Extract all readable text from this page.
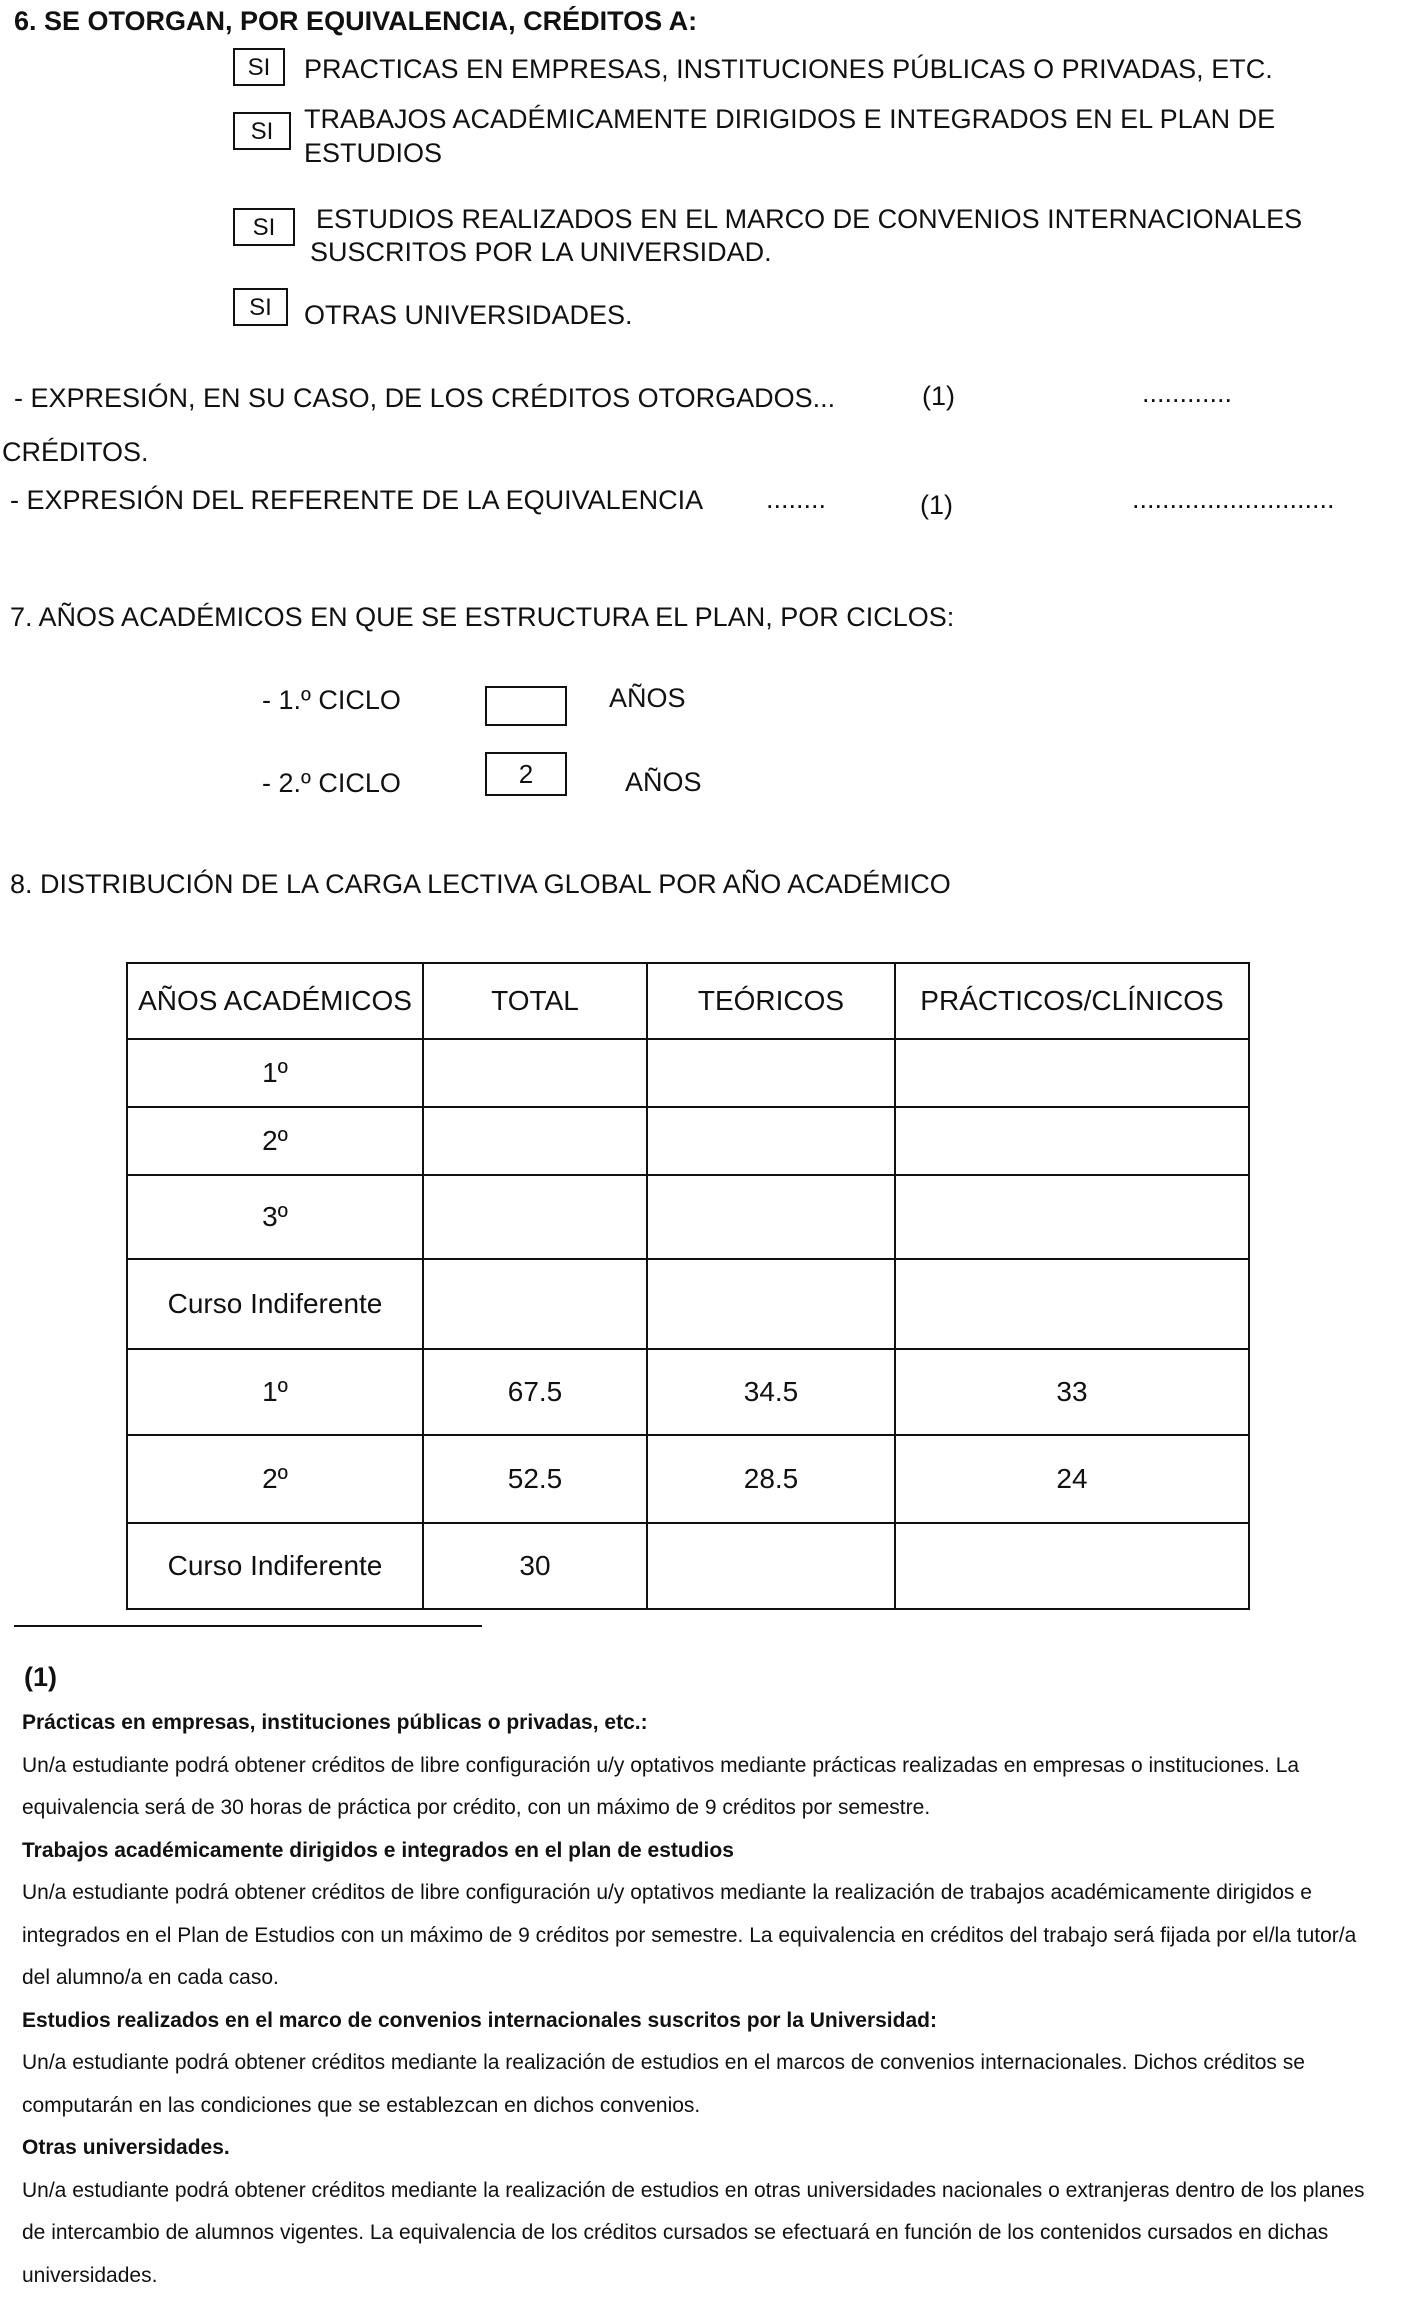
6. SE OTORGAN, POR EQUIVALENCIA, CRÉDITOS A:
SI	PRACTICAS EN EMPRESAS, INSTITUCIONES PÚBLICAS O PRIVADAS, ETC.
SI	TRABAJOS ACADÉMICAMENTE DIRIGIDOS E INTEGRADOS EN EL PLAN DE
ESTUDIOS
SI	ESTUDIOS REALIZADOS EN EL MARCO DE CONVENIOS INTERNACIONALES
SUSCRITOS POR LA UNIVERSIDAD.
SI	OTRAS UNIVERSIDADES.
- EXPRESIÓN, EN SU CASO, DE LOS CRÉDITOS OTORGADOS...	(1)	............
CRÉDITOS.
- EXPRESIÓN DEL REFERENTE DE LA EQUIVALENCIA ........	(1)	...........................
7. AÑOS ACADÉMICOS EN QUE SE ESTRUCTURA EL PLAN, POR CICLOS:
- 1.º CICLO	AÑOS
- 2.º CICLO	2	AÑOS
8. DISTRIBUCIÓN DE LA CARGA LECTIVA GLOBAL POR AÑO ACADÉMICO
AÑOS ACADÉMICOS	TOTAL	TEÓRICOS	PRÁCTICOS/CLÍNICOS
1º			
2º			
3º			
Curso Indiferente			
1º	67.5	34.5	33
2º	52.5	28.5	24
Curso Indiferente	30		
(1)

Prácticas en empresas, instituciones públicas o privadas, etc.:

Un/a estudiante podrá obtener créditos de libre configuración u/y optativos mediante prácticas realizadas en empresas o instituciones. La equivalencia será de 30 horas de práctica por crédito, con un máximo de 9 créditos por semestre.

Trabajos académicamente dirigidos e integrados en el plan de estudios

Un/a estudiante podrá obtener créditos de libre configuración u/y optativos mediante la realización de trabajos académicamente dirigidos e integrados en el Plan de Estudios con un máximo de 9 créditos por semestre. La equivalencia en créditos del trabajo será fijada por el/la tutor/a del alumno/a en cada caso.

Estudios realizados en el marco de convenios internacionales suscritos por la Universidad:

Un/a estudiante podrá obtener créditos mediante la realización de estudios en el marcos de convenios internacionales. Dichos créditos se computarán en las condiciones que se establezcan en dichos convenios.

Otras universidades.

Un/a estudiante podrá obtener créditos mediante la realización de estudios en otras universidades nacionales o extranjeras dentro de los planes de intercambio de alumnos vigentes. La equivalencia de los créditos cursados se efectuará en función de los contenidos cursados en dichas universidades.
